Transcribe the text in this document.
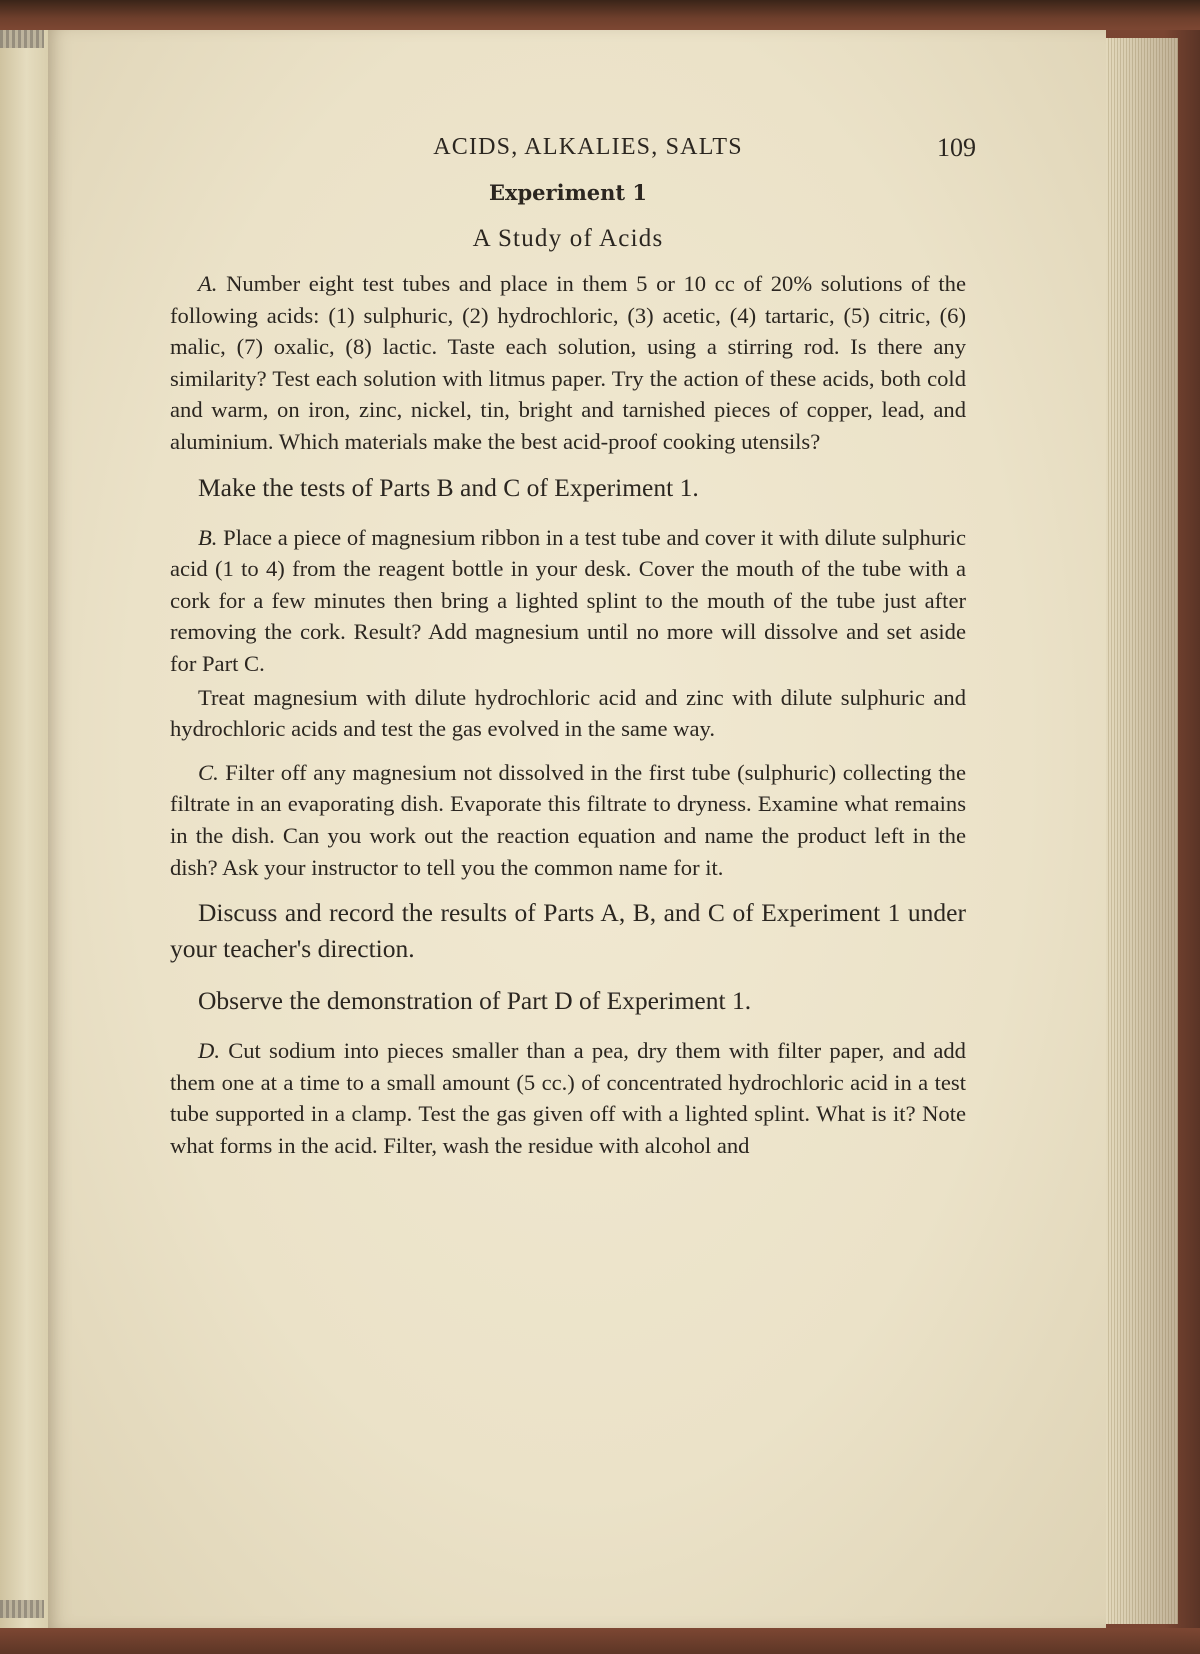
ACIDS, ALKALIES, SALTS	109
Experiment 1
A Study of Acids

A. Number eight test tubes and place in them 5 or 10 cc of 20% solutions of the following acids: (1) sulphuric, (2) hydrochloric, (3) acetic, (4) tartaric, (5) citric, (6) malic, (7) oxalic, (8) lactic. Taste each solution, using a stirring rod. Is there any similarity? Test each solution with litmus paper. Try the action of these acids, both cold and warm, on iron, zinc, nickel, tin, bright and tarnished pieces of copper, lead, and aluminium. Which materials make the best acid-proof cooking utensils?

Make the tests of Parts B and C of Experiment 1.

B. Place a piece of magnesium ribbon in a test tube and cover it with dilute sulphuric acid (1 to 4) from the reagent bottle in your desk. Cover the mouth of the tube with a cork for a few minutes then bring a lighted splint to the mouth of the tube just after removing the cork. Result? Add magnesium until no more will dissolve and set aside for Part C.

Treat magnesium with dilute hydrochloric acid and zinc with dilute sulphuric and hydrochloric acids and test the gas evolved in the same way.

C. Filter off any magnesium not dissolved in the first tube (sulphuric) collecting the filtrate in an evaporating dish. Evaporate this filtrate to dryness. Examine what remains in the dish. Can you work out the reaction equation and name the product left in the dish? Ask your instructor to tell you the common name for it.

Discuss and record the results of Parts A, B, and C of Experiment 1 under your teacher's direction.

Observe the demonstration of Part D of Experiment 1.

D. Cut sodium into pieces smaller than a pea, dry them with filter paper, and add them one at a time to a small amount (5 cc.) of concentrated hydrochloric acid in a test tube supported in a clamp. Test the gas given off with a lighted splint. What is it? Note what forms in the acid. Filter, wash the residue with alcohol and
